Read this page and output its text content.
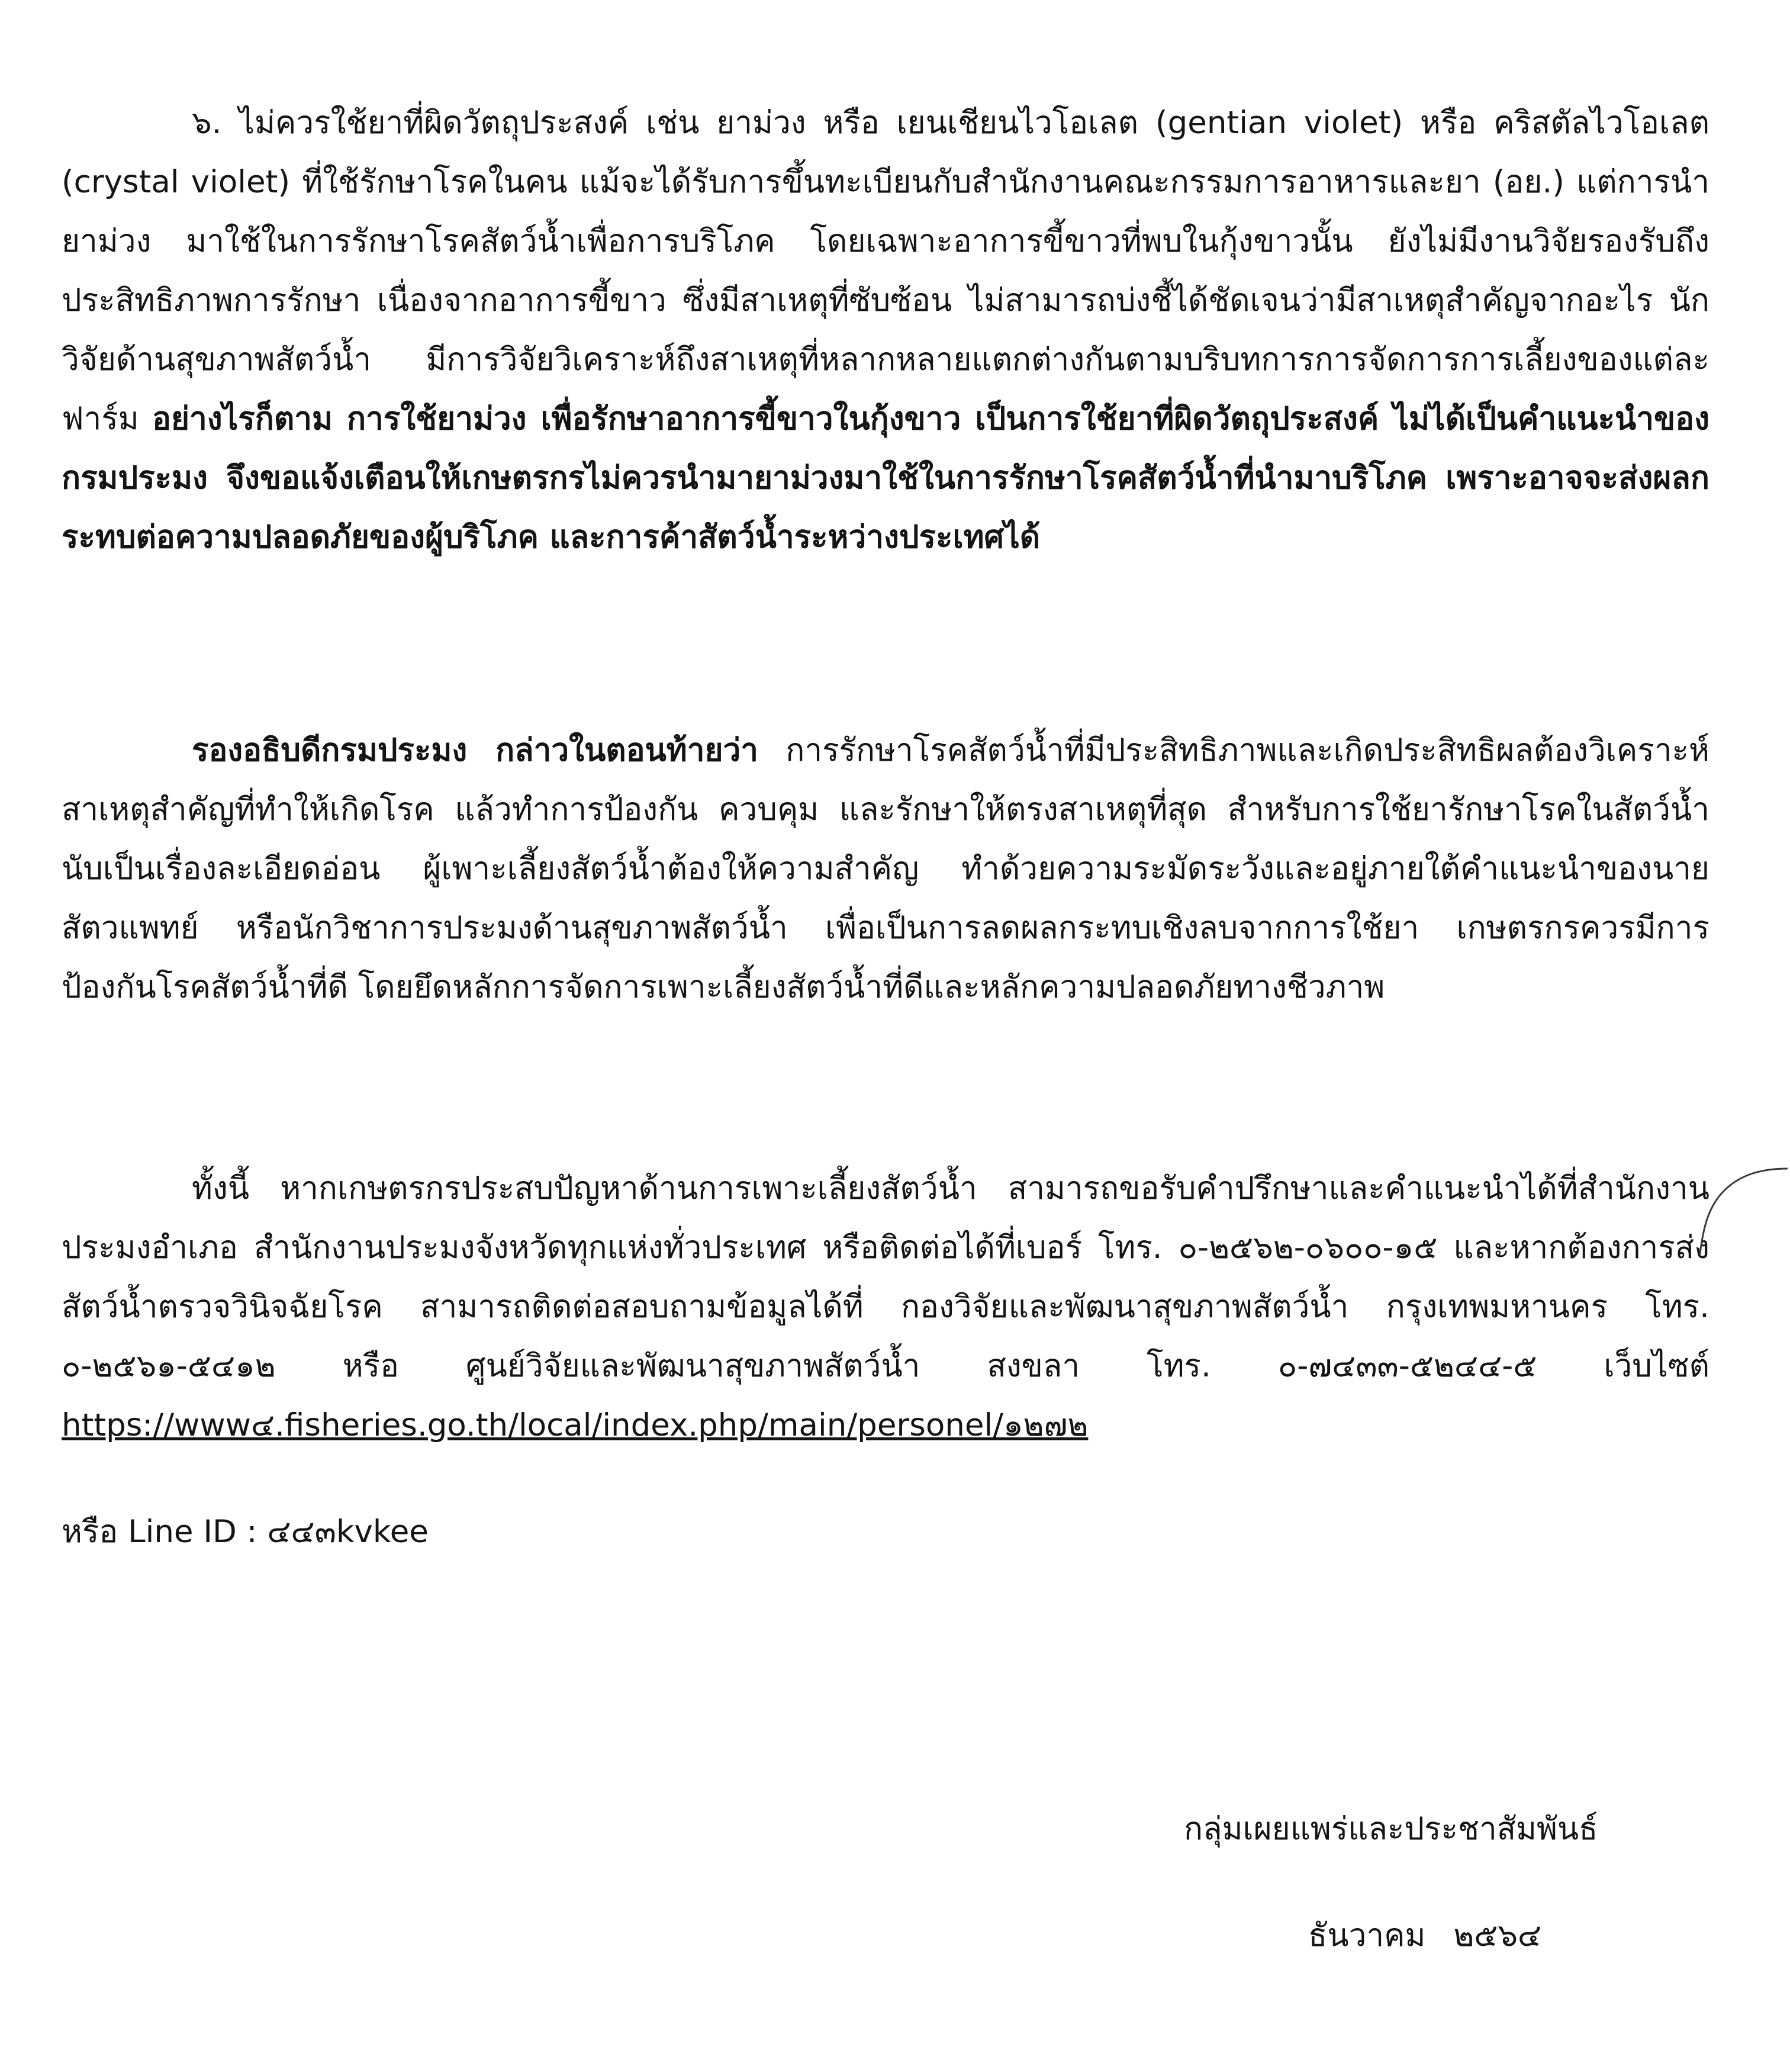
๖. ไม่ควรใช้ยาที่ผิดวัตถุประสงค์ เช่น ยาม่วง หรือ เยนเชียนไวโอเลต (gentian violet) หรือ คริสตัลไวโอเลต (crystal violet) ที่ใช้รักษาโรคในคน แม้จะได้รับการขึ้นทะเบียนกับสำนักงานคณะกรรมการอาหารและยา (อย.) แต่การนำยาม่วง มาใช้ในการรักษาโรคสัตว์น้ำเพื่อการบริโภค โดยเฉพาะอาการขี้ขาวที่พบในกุ้งขาวนั้น ยังไม่มีงานวิจัยรองรับถึงประสิทธิภาพการรักษา เนื่องจากอาการขี้ขาว ซึ่งมีสาเหตุที่ซับซ้อน ไม่สามารถบ่งชี้ได้ชัดเจนว่ามีสาเหตุสำคัญจากอะไร นักวิจัยด้านสุขภาพสัตว์น้ำ มีการวิจัยวิเคราะห์ถึงสาเหตุที่หลากหลายแตกต่างกันตามบริบทการการจัดการการเลี้ยงของแต่ละฟาร์ม อย่างไรก็ตาม การใช้ยาม่วง เพื่อรักษาอาการขี้ขาวในกุ้งขาว เป็นการใช้ยาที่ผิดวัตถุประสงค์ ไม่ได้เป็นคำแนะนำของกรมประมง จึงขอแจ้งเตือนให้เกษตรกรไม่ควรนำมายาม่วงมาใช้ในการรักษาโรคสัตว์น้ำที่นำมาบริโภค เพราะอาจจะส่งผลกระทบต่อความปลอดภัยของผู้บริโภค และการค้าสัตว์น้ำระหว่างประเทศได้

รองอธิบดีกรมประมง กล่าวในตอนท้ายว่า การรักษาโรคสัตว์น้ำที่มีประสิทธิภาพและเกิดประสิทธิผลต้องวิเคราะห์สาเหตุสำคัญที่ทำให้เกิดโรค แล้วทำการป้องกัน ควบคุม และรักษาให้ตรงสาเหตุที่สุด สำหรับการใช้ยารักษาโรคในสัตว์น้ำ นับเป็นเรื่องละเอียดอ่อน ผู้เพาะเลี้ยงสัตว์น้ำต้องให้ความสำคัญ ทำด้วยความระมัดระวังและอยู่ภายใต้คำแนะนำของนายสัตวแพทย์ หรือนักวิชาการประมงด้านสุขภาพสัตว์น้ำ เพื่อเป็นการลดผลกระทบเชิงลบจากการใช้ยา เกษตรกรควรมีการป้องกันโรคสัตว์น้ำที่ดี โดยยึดหลักการจัดการเพาะเลี้ยงสัตว์น้ำที่ดีและหลักความปลอดภัยทางชีวภาพ

ทั้งนี้ หากเกษตรกรประสบปัญหาด้านการเพาะเลี้ยงสัตว์น้ำ สามารถขอรับคำปรึกษาและคำแนะนำได้ที่สำนักงานประมงอำเภอ สำนักงานประมงจังหวัดทุกแห่งทั่วประเทศ หรือติดต่อได้ที่เบอร์ โทร. ๐-๒๕๖๒-๐๖๐๐-๑๕ และหากต้องการส่งสัตว์น้ำตรวจวินิจฉัยโรค สามารถติดต่อสอบถามข้อมูลได้ที่ กองวิจัยและพัฒนาสุขภาพสัตว์น้ำ กรุงเทพมหานคร โทร. ๐-๒๕๖๑-๕๔๑๒ หรือ ศูนย์วิจัยและพัฒนาสุขภาพสัตว์น้ำ สงขลา โทร. ๐-๗๔๓๓-๕๒๔๔-๕ เว็บไซต์ https://www๔.fisheries.go.th/local/index.php/main/personel/๑๒๗๒

หรือ Line ID : ๔๔๓kvkee

กลุ่มเผยแพร่และประชาสัมพันธ์

ธันวาคม ๒๕๖๔
